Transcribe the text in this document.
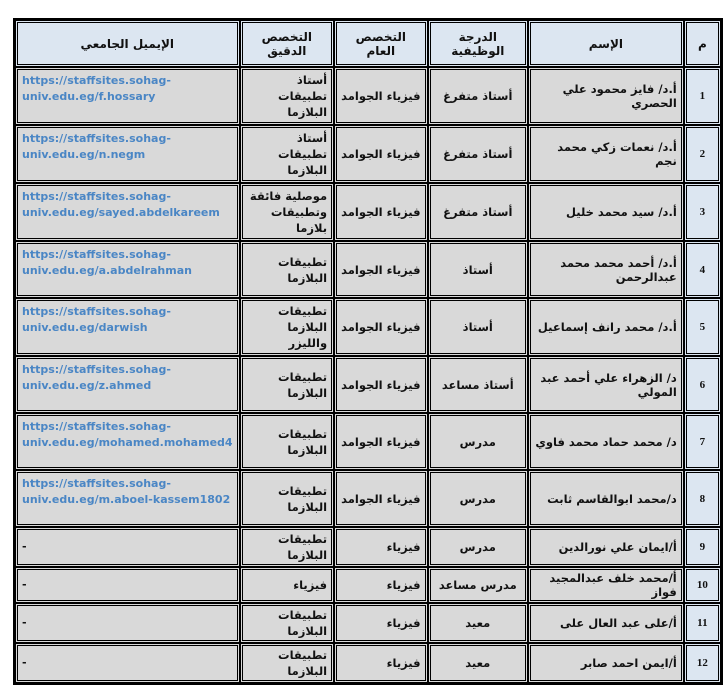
م	الإسم	الدرجة الوظيفية	التخصص العام	التخصص الدقيق	الإيميل الجامعي
1	أ.د/ فايز محمود علي الحصري	أستاذ متفرغ	فيزياء الجوامد	أستاذ تطبيقات البلازما	https://staffsites.sohag-univ.edu.eg/f.hossary
2	أ.د/ نعمات زكي محمد نجم	أستاذ متفرغ	فيزياء الجوامد	أستاذ تطبيقات البلازما	https://staffsites.sohag-univ.edu.eg/n.negm
3	أ.د/ سيد محمد خليل	أستاذ متفرغ	فيزياء الجوامد	موصلية فائقة وتطبيقات بلازما	https://staffsites.sohag-univ.edu.eg/sayed.abdelkareem
4	أ.د/ أحمد محمد محمد عبدالرحمن	أستاذ	فيزياء الجوامد	تطبيقات البلازما	https://staffsites.sohag-univ.edu.eg/a.abdelrahman
5	أ.د/ محمد رانف إسماعيل	أستاذ	فيزياء الجوامد	تطبيقات البلازما والليزر	https://staffsites.sohag-univ.edu.eg/darwish
6	د/ الزهراء علي أحمد عبد المولي	أستاذ مساعد	فيزياء الجوامد	تطبيقات البلازما	https://staffsites.sohag-univ.edu.eg/z.ahmed
7	د/ محمد حماد محمد فاوي	مدرس	فيزياء الجوامد	تطبيقات البلازما	https://staffsites.sohag-univ.edu.eg/mohamed.mohamed4
8	د/محمد ابوالقاسم ثابت	مدرس	فيزياء الجوامد	تطبيقات البلازما	https://staffsites.sohag-univ.edu.eg/m.aboel-kassem1802
9	أ/ايمان علي نورالدين	مدرس	فيزياء	تطبيقات البلازما	-
10	أ/محمد خلف عبدالمجيد فواز	مدرس مساعد	فيزياء	فيزياء	-
11	أ/على عبد العال على	معيد	فيزياء	تطبيقات البلازما	-
12	أ/ايمن احمد صابر	معيد	فيزياء	تطبيقات البلازما	-
